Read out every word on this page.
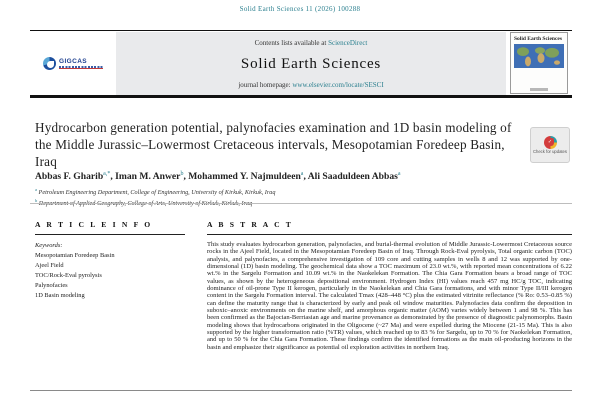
Solid Earth Sciences 11 (2026) 100288
GIGCAS
Contents lists available at ScienceDirect
Solid Earth Sciences
journal homepage: www.elsevier.com/locate/SESCI
Solid Earth Sciences
Hydrocarbon generation potential, palynofacies examination and 1D basin modeling of the Middle Jurassic–Lowermost Cretaceous intervals, Mesopotamian Foredeep Basin, Iraq
✓
Check for updates
Abbas F. Gharib$^{a,*}$, Iman M. Anwer$^b$, Mohammed Y. Najmuldeen$^a$, Ali Saaduldeen Abbas$^a$
$^a$ Petroleum Engineering Department, College of Engineering, University of Kirkuk, Kirkuk, Iraq
$^b$ Department of Applied Geography, College of Arts, University of Kirkuk, Kirkuk, Iraq
A R T I C L E I N F O
Keywords:
Mesopotamian Foredeep Basin
Ajeel Field
TOC/Rock-Eval pyrolysis
Palynofacies
1D Basin modeling
A B S T R A C T
This study evaluates hydrocarbon generation, palynofacies, and burial-thermal evolution of Middle Jurassic-Lowermost Cretaceous source rocks in the Ajeel Field, located in the Mesopotamian Foredeep Basin of Iraq. Through Rock-Eval pyrolysis, Total organic carbon (TOC) analysis, and palynofacies, a comprehensive investigation of 109 core and cutting samples in wells 8 and 12 was supported by one-dimensional (1D) basin modeling. The geochemical data show a TOC maximum of 23.0 wt.%, with reported mean concentrations of 6.22 wt.% in the Sargelu Formation and 10.09 wt.% in the Naokelekan Formation. The Chia Gara Formation bears a broad range of TOC values, as shown by the heterogeneous depositional environment. Hydrogen Index (HI) values reach 457 mg HC/g TOC, indicating dominance of oil-prone Type II kerogen, particularly in the Naokelekan and Chia Gara formations, and with minor Type II/III kerogen content in the Sargelu Formation interval. The calculated Tmax (428–448 °C) plus the estimated vitrinite reflectance (% Ro: 0.53–0.85 %) can define the maturity range that is characterized by early and peak oil window maturities. Palynofacies data confirm the deposition in suboxic–anoxic environments on the marine shelf, and amorphous organic matter (AOM) varies widely between 1 and 98 %. This has been confirmed as the Bajocian-Berriasian age and marine provenance as demonstrated by the presence of diagnostic palynomorphs. Basin modeling shows that hydrocarbons originated in the Oligocene (~27 Ma) and were expelled during the Miocene (21-15 Ma). This is also supported by the higher transformation ratio (%TR) values, which reached up to 83 % for Sargelu, up to 70 % for Naokelekan Formation, and up to 50 % for the Chia Gara Formation. These findings confirm the identified formations as the main oil-producing horizons in the basin and emphasize their significance as potential oil exploration activities in northern Iraq.
